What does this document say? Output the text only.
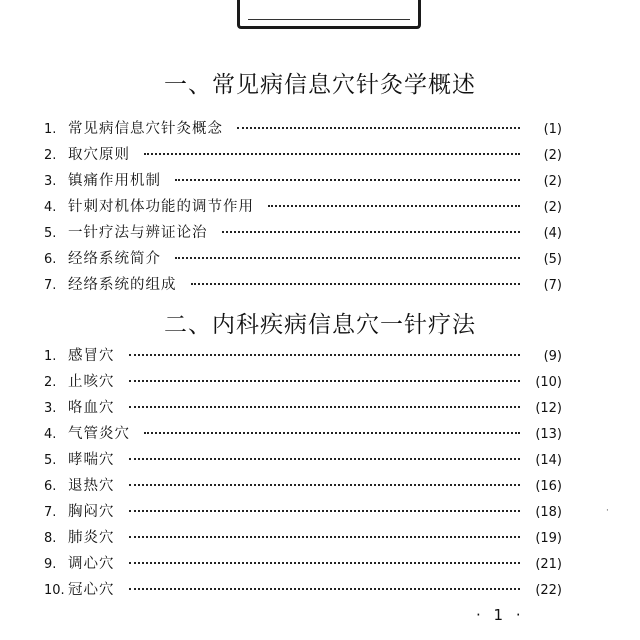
一、常见病信息穴针灸学概述
1. 常见病信息穴针灸概念	(1)
2. 取穴原则	(2)
3. 镇痛作用机制	(2)
4. 针刺对机体功能的调节作用	(2)
5. 一针疗法与辨证论治	(4)
6. 经络系统简介	(5)
7. 经络系统的组成	(7)
二、内科疾病信息穴一针疗法
1. 感冒穴	(9)
2. 止咳穴	(10)
3. 咯血穴	(12)
4. 气管炎穴	(13)
5. 哮喘穴	(14)
6. 退热穴	(16)
7. 胸闷穴	(18)
8. 肺炎穴	(19)
9. 调心穴	(21)
10. 冠心穴	(22)
·
· 1 ·
